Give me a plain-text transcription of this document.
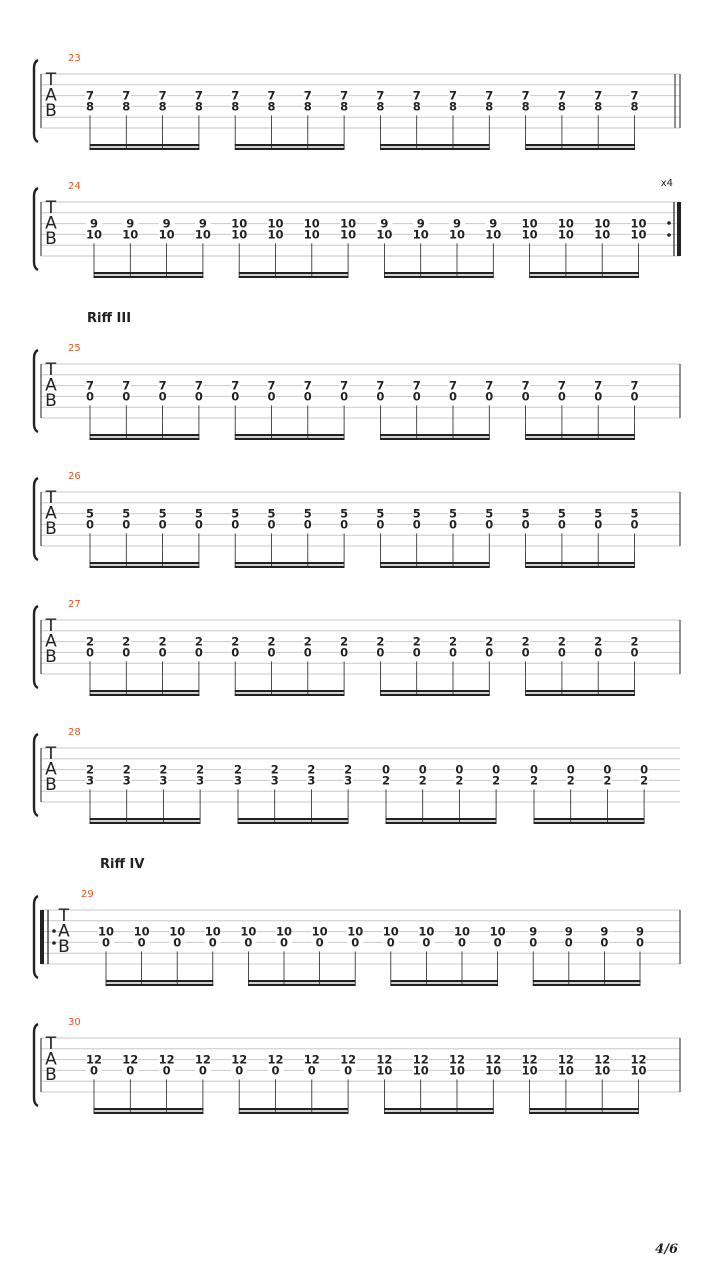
T
A
B
23
7
8
7
8
7
8
7
8
7
8
7
8
7
8
7
8
7
8
7
8
7
8
7
8
7
8
7
8
7
8
7
8
T
A
B
24	x4
9
10
9
10
9
10
9
10
10
10
10
10
10
10
10
10
9
10
9
10
9
10
9
10
10
10
10
10
10
10
10
10
T
A
B
25
7
0
7
0
7
0
7
0
7
0
7
0
7
0
7
0
7
0
7
0
7
0
7
0
7
0
7
0
7
0
7
0
T
A
B
26
5
0
5
0
5
0
5
0
5
0
5
0
5
0
5
0
5
0
5
0
5
0
5
0
5
0
5
0
5
0
5
0
T
A
B
27
2
0
2
0
2
0
2
0
2
0
2
0
2
0
2
0
2
0
2
0
2
0
2
0
2
0
2
0
2
0
2
0
T
A
B
28
2
3
2
3
2
3
2
3
2
3
2
3
2
3
2
3
0
2
0
2
0
2
0
2
0
2
0
2
0
2
0
2
T
A
B
29
10
0
10
0
10
0
10
0
10
0
10
0
10
0
10
0
10
0
10
0
10
0
10
0
9
0
9
0
9
0
9
0
T
A
B
30
12
0
12
0
12
0
12
0
12
0
12
0
12
0
12
0
12
10
12
10
12
10
12
10
12
10
12
10
12
10
12
10
Riff III
Riff IV
4/6
